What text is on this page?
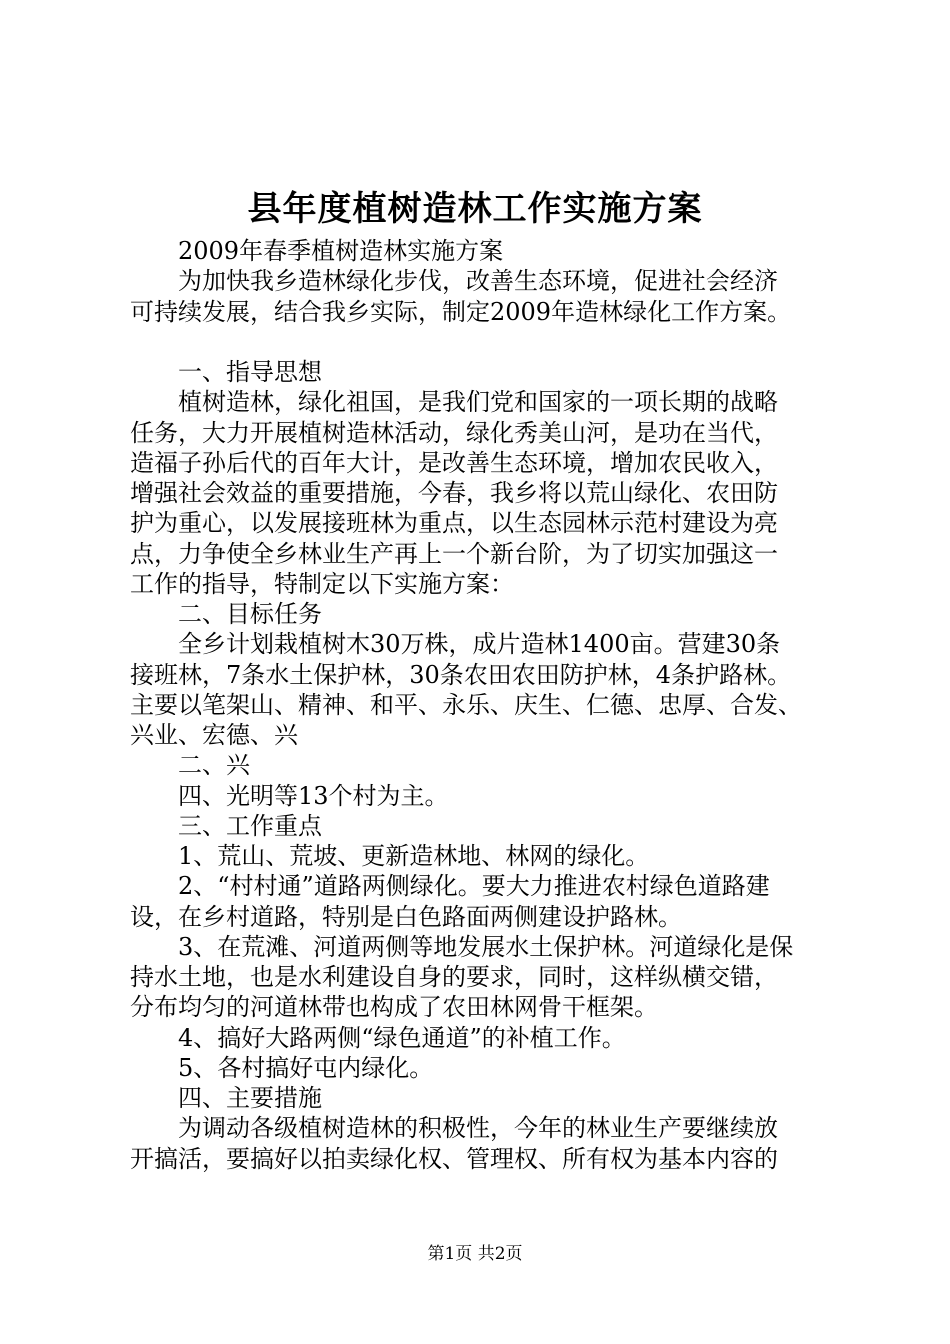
县年度植树造林工作实施方案
2009年春季植树造林实施方案
为加快我乡造林绿化步伐，改善生态环境，促进社会经济
可持续发展，结合我乡实际，制定2009年造林绿化工作方案。
一、指导思想
植树造林，绿化祖国，是我们党和国家的一项长期的战略
任务，大力开展植树造林活动，绿化秀美山河，是功在当代，
造福子孙后代的百年大计，是改善生态环境，增加农民收入，
增强社会效益的重要措施，今春，我乡将以荒山绿化、农田防
护为重心，以发展接班林为重点，以生态园林示范村建设为亮
点，力争使全乡林业生产再上一个新台阶，为了切实加强这一
工作的指导，特制定以下实施方案：
二、目标任务
全乡计划栽植树木30万株，成片造林1400亩。营建30条
接班林，7条水土保护林，30条农田农田防护林，4条护路林。
主要以笔架山、精神、和平、永乐、庆生、仁德、忠厚、合发、
兴业、宏德、兴
二、兴
四、光明等13个村为主。
三、工作重点
1、荒山、荒坡、更新造林地、林网的绿化。
2、“村村通”道路两侧绿化。要大力推进农村绿色道路建
设，在乡村道路，特别是白色路面两侧建设护路林。
3、在荒滩、河道两侧等地发展水土保护林。河道绿化是保
持水土地，也是水利建设自身的要求，同时，这样纵横交错，
分布均匀的河道林带也构成了农田林网骨干框架。
4、搞好大路两侧“绿色通道”的补植工作。
5、各村搞好屯内绿化。
四、主要措施
为调动各级植树造林的积极性，今年的林业生产要继续放
开搞活，要搞好以拍卖绿化权、管理权、所有权为基本内容的
第1页 共2页
